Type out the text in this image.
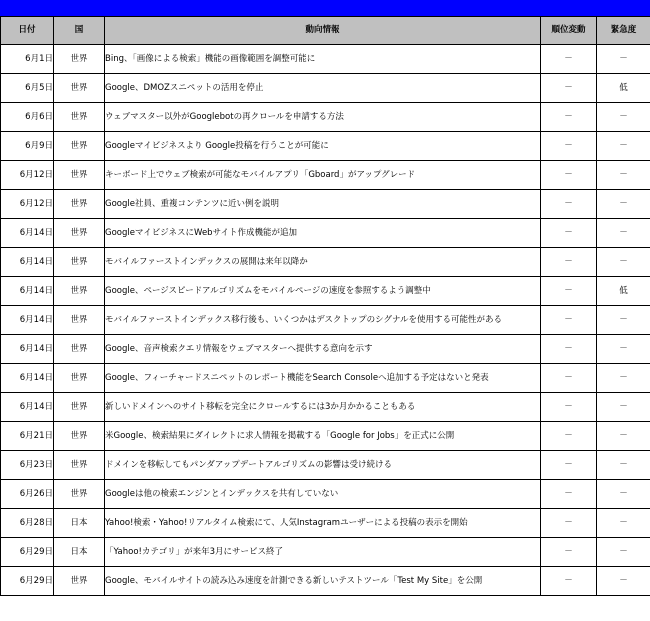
日付	国	動向情報	順位変動	緊急度
6月1日	世界	Bing、「画像による検索」機能の画像範囲を調整可能に	－	－
6月5日	世界	Google、DMOZスニペットの活用を停止	－	低
6月6日	世界	ウェブマスター以外がGooglebotの再クロールを申請する方法	－	－
6月9日	世界	Googleマイビジネスより Google投稿を行うことが可能に	－	－
6月12日	世界	キーボード上でウェブ検索が可能なモバイルアプリ「Gboard」がアップグレード	－	－
6月12日	世界	Google社員、重複コンテンツに近い例を説明	－	－
6月14日	世界	GoogleマイビジネスにWebサイト作成機能が追加	－	－
6月14日	世界	モバイルファーストインデックスの展開は来年以降か	－	－
6月14日	世界	Google、ページスピードアルゴリズムをモバイルページの速度を参照するよう調整中	－	低
6月14日	世界	モバイルファーストインデックス移行後も、いくつかはデスクトップのシグナルを使用する可能性がある	－	－
6月14日	世界	Google、音声検索クエリ情報をウェブマスターへ提供する意向を示す	－	－
6月14日	世界	Google、フィーチャードスニペットのレポート機能をSearch Consoleへ追加する予定はないと発表	－	－
6月14日	世界	新しいドメインへのサイト移転を完全にクロールするには3か月かかることもある	－	－
6月21日	世界	米Google、検索結果にダイレクトに求人情報を掲載する「Google for Jobs」を正式に公開	－	－
6月23日	世界	ドメインを移転してもパンダアップデートアルゴリズムの影響は受け続ける	－	－
6月26日	世界	Googleは他の検索エンジンとインデックスを共有していない	－	－
6月28日	日本	Yahoo!検索・Yahoo!リアルタイム検索にて、人気Instagramユーザーによる投稿の表示を開始	－	－
6月29日	日本	「Yahoo!カテゴリ」が来年3月にサービス終了	－	－
6月29日	世界	Google、モバイルサイトの読み込み速度を計測できる新しいテストツール「Test My Site」を公開	－	－
